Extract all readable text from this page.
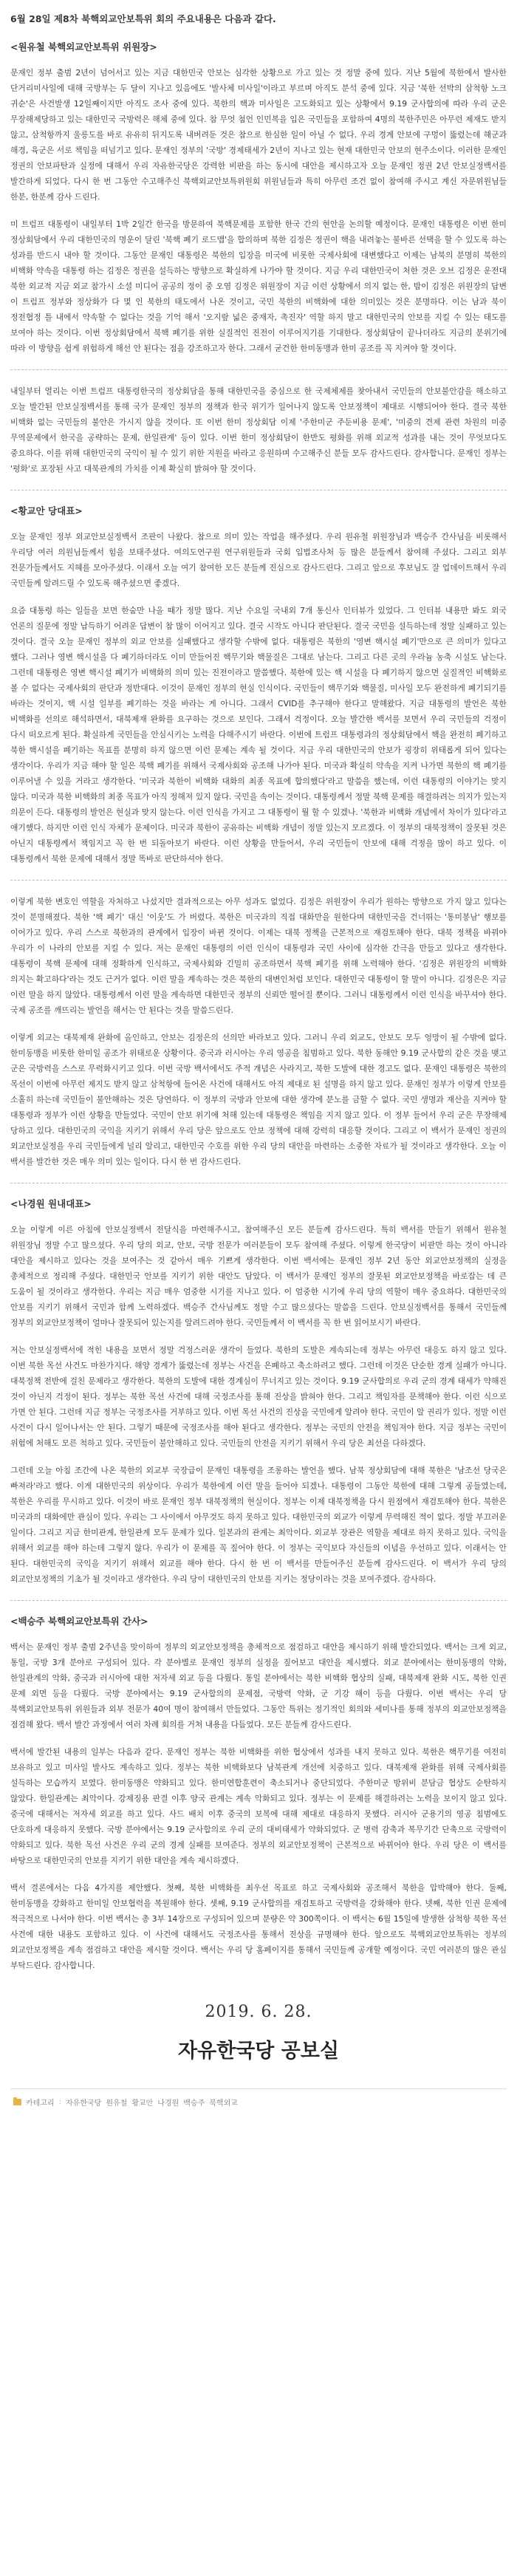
6월 28일 제8차 북핵외교안보특위 회의 주요내용은 다음과 같다.
<원유철 북핵외교안보특위 위원장>

문재인 정부 출범 2년이 넘어서고 있는 지금 대한민국 안보는 심각한 상황으로 가고 있는 것 정말 중에 있다. 지난 5월에 북한에서 발사한 단거리미사일에 대해 국방부는 두 달이 지나고 있음에도 '발사체 미사일'이라고 부르며 아직도 분석 중에 있다. 지금 '북한 선박의 삼척항 노크 귀순'은 사건발생 12일째이지만 아직도 조사 중에 있다. 북한의 핵과 미사일은 고도화되고 있는 상황에서 9.19 군사합의에 따라 우리 군은 무장해제당하고 있는 대한민국 국방력은 해체 중에 있다. 참 무엇 첨언 인민복을 입은 국민들을 포함하여 4명의 북한주민은 아무런 제재도 받지 않고, 삼척항까지 울릉도를 바로 유유히 뒤지도록 내버려둔 것은 참으로 한심한 일이 아닐 수 없다. 우리 경계 안보에 구멍이 뚫렸는데 해군과 해경, 육군은 서로 책임을 떠넘기고 있다. 문재인 정부의 '국방' 경제태세가 2년이 지나고 있는 현재 대한민국 안보의 현주소이다. 이러한 문재인 정권의 안보파탄과 실정에 대해서 우리 자유한국당은 강력한 비판을 하는 동시에 대안을 제시하고자 오늘 문재인 정권 2년 안보실정백서를 발간하게 되었다. 다시 한 번 그동안 수고해주신 북핵외교안보특위원회 위원님들과 특히 아무런 조건 없이 참여해 주시고 계신 자문위원님들 한분, 한분께 감사 드린다.

미 트럼프 대통령이 내일부터 1박 2일간 한국을 방문하여 북핵문제를 포함한 한국 간의 현안을 논의할 예정이다. 문재인 대통령은 이번 한미 정상회담에서 우리 대한민국의 명운이 달린 '북핵 폐기 로드맵'을 합의하며 북한 김정은 정권이 핵을 내려놓는 불바른 선택을 할 수 있도록 하는 성과를 반드시 내야 할 것이다. 그동안 문재인 대통령은 북한의 입장을 미국에 비롯한 국제사회에 대변했다고 이제는 남북의 분명히 북한의 비핵화 약속을 대통령 하는 김정은 정권을 설득하는 방향으로 확실하게 나가야 할 것이다. 지금 우리 대한민국이 처한 것은 오브 김정은 운전대 북한 외교적 지금 외교 참가시 소셜 미디어 공공의 정이 중 오염 김정은 위원장이 지금 이런 상황에서 의지 없는 한, 밤이 김정은 위원장의 답변 이 트럼프 정부와 정상화가 다 몇 인 북한의 태도에서 나온 것이고, 국민 북한의 비핵화에 대한 의미있는 것은 분명하다. 이는 남과 북이 정전협정 틀 내에서 약속할 수 없다는 것을 기억 해서 '오지랖 넓은 중재자, 촉진자' 역할 하지 말고 대한민국의 안보를 지킬 수 있는 태도를 보여야 하는 것이다. 이번 정상회담에서 북핵 폐기를 위한 실질적인 진전이 이루어지기를 기대한다. 정상회담이 끝나더라도 지금의 분위기에 따라 이 방향을 쉽게 위험하게 해선 안 된다는 점을 강조하고자 한다. 그래서 굳건한 한미동맹과 한미 공조를 꼭 지켜야 할 것이다.

내일부터 열리는 이번 트럼프 대통령한국의 정상회담을 통해 대한민국을 중심으로 한 국제체제를 찾아내서 국민들의 안보불안감을 해소하고 오늘 발간된 안보실정백서를 통해 국가 문재인 정부의 정책과 한국 위기가 일어나지 않도록 안보정책이 제대로 시행되어야 한다. 결국 북한 비핵화 없는 국민들의 불안은 가시지 않을 것이다. 또 이번 한미 정상회담 이제 '주한미군 주둔비용 문제', '미중의 견제 관련 차원의 미중 무역문제에서 한국을 공략하는 문제, 한일관계' 등이 있다. 이번 한미 정상회담이 한반도 평화를 위해 외교적 성과를 내는 것이 무엇보다도 중요하다. 이를 위해 대한민국의 국익이 될 수 있기 위한 지원을 바라고 응원하며 수고해주신 분들 모두 감사드린다. 감사합니다. 문재인 정부는 '평화'로 포장된 사고 대북관계의 가치를 이제 확실히 밝혀야 할 것이다.

<황교안 당대표>

오늘 문재인 정부 외교안보실정백서 조판이 나왔다. 참으로 의미 있는 작업을 해주셨다. 우리 원유철 위원장님과 백승주 간사님을 비롯해서 우리당 여러 의원님들께서 힘을 보태주셨다. 여의도연구원 연구위원들과 국회 입법조사처 등 많은 분들께서 참여해 주셨다. 그리고 외부 전문가들께서도 지혜를 모아주셨다. 이래서 오늘 여기 참여한 모든 분들께 진심으로 감사드린다. 그리고 앞으로 후보님도 잘 업데이트해서 우리 국민들께 알려드릴 수 있도록 해주셨으면 좋겠다.

요즘 대통령 하는 일들을 보면 한숨만 나올 때가 정말 많다. 지난 수요일 국내외 7개 통신사 인터뷰가 있었다. 그 인터뷰 내용만 봐도 외국 언론의 질문에 정말 납득하기 어려운 답변이 참 많이 이어지고 있다. 결국 시작도 아니다 판단된다. 결국 국민을 설득하는데 정말 실패하고 있는 것이다. 결국 오늘 문재인 정부의 외교 안보를 실패했다고 생각할 수밖에 없다. 대통령은 북한의 '영변 핵시설 폐기'만으로 큰 의미가 있다고 했다. 그러나 영변 핵시설을 다 폐기하더라도 이미 만들어진 핵무기와 핵물질은 그대로 남는다. 그리고 다른 곳의 우라늄 농축 시설도 남는다. 그런데 대통령은 영변 핵시설 폐기가 비핵화의 의미 있는 진전이라고 말씀했다. 북한에 있는 핵 시설을 다 폐기하지 않으면 실질적인 비핵화로 볼 수 없다는 국제사회의 판단과 정반대다. 이것이 문재인 정부의 현실 인식이다. 국민들이 핵무기와 핵물질, 미사일 모두 완전하게 폐기되기를 바라는 것이지, 핵 시설 일부를 폐기하는 것을 바라는 게 아니다. 그래서 CVID를 추구해야 한다고 말해왔다. 지금 대통령의 발언은 북한 비핵화를 선의로 해석하면서, 대북제재 완화를 요구하는 것으로 보인다. 그래서 걱정이다. 오늘 발간한 백서를 보면서 우리 국민들의 걱정이 다시 떠오르게 된다. 확실하게 국민들을 안심시키는 노력을 다해주시기 바란다. 이번에 트럼프 대통령과의 정상회담에서 핵을 완전히 폐기하고 북한 핵시설을 폐기하는 목표를 분명히 하지 않으면 이런 문제는 계속 될 것이다. 지금 우리 대한민국의 안보가 굉장히 위태롭게 되어 있다는 생각이다. 우리가 지금 해야 할 일은 북핵 폐기를 위해서 국제사회와 공조해 나가야 된다. 미국과 확실히 약속을 지켜 나가면 북한의 핵 폐기를 이루어낼 수 있을 거라고 생각한다. '미국과 북한이 비핵화 대화의 최종 목표에 합의했다'라고 말씀을 했는데, 이런 대통령의 이야기는 맞지 않다. 미국과 북한 비핵화의 최종 목표가 아직 정해져 있지 않다. 국민을 속이는 것이다. 대통령께서 정말 북핵 문제를 해결하려는 의지가 있는지 의문이 든다. 대통령의 발언은 현실과 맞지 않는다. 이런 인식을 가지고 그 대통령이 뭘 할 수 있겠나. '북한과 비핵화 개념에서 차이가 있다'라고 얘기했다. 하지만 이런 인식 자체가 문제이다. 미국과 북한이 공유하는 비핵화 개념이 정말 있는지 모르겠다. 이 정부의 대북정책이 잘못된 것은 아닌지 대통령께서 책임지고 꼭 한 번 되돌아보기 바란다. 이런 상황을 만들어서, 우리 국민들이 안보에 대해 걱정을 많이 하고 있다. 이 대통령께서 북한 문제에 대해서 정말 똑바로 판단하셔야 한다.

이렇게 북한 변호인 역할을 자처하고 나섰지만 결과적으로는 아무 성과도 없었다. 김정은 위원장이 우리가 원하는 방향으로 가지 않고 있다는 것이 분명해졌다. 북한 '핵 폐기' 대신 '이웃'도 가 버렸다. 북한은 미국과의 직접 대화만을 원한다며 대한민국을 건너뛰는 '통미봉남' 행보를 이어가고 있다. 우리 스스로 북한과의 관계에서 입장이 바뀐 것이다. 이제는 대북 정책을 근본적으로 재검토해야 한다. 대북 정책을 바꿔야 우리가 이 나라의 안보를 지킬 수 있다. 저는 문재인 대통령의 이런 인식이 대통령과 국민 사이에 심각한 간극을 만들고 있다고 생각한다. 대통령이 북핵 문제에 대해 정확하게 인식하고, 국제사회와 긴밀히 공조하면서 북핵 폐기를 위해 노력해야 한다. '김정은 위원장의 비핵화 의지는 확고하다'라는 것도 근거가 없다. 이런 말을 계속하는 것은 북한의 대변인처럼 보인다. 대한민국 대통령이 할 말이 아니다. 김정은은 지금 이런 말을 하지 않았다. 대통령께서 이런 말을 계속하면 대한민국 정부의 신뢰만 떨어질 뿐이다. 그러니 대통령께서 이런 인식을 바꾸셔야 한다. 국제 공조를 깨뜨리는 발언을 해서는 안 된다는 것을 말씀드린다.

이렇게 외교는 대북제재 완화에 올인하고, 안보는 김정은의 선의만 바라보고 있다. 그러니 우리 외교도, 안보도 모두 엉망이 될 수밖에 없다. 한미동맹을 비롯한 한미일 공조가 위태로운 상황이다. 중국과 러시아는 우리 영공을 침범하고 있다. 북한 동해안 9.19 군사합의 같은 것을 맺고 군은 국방력을 스스로 무력화시키고 있다. 이번 국방 백서에서도 주적 개념은 사라지고, 북한 도발에 대한 경고도 없다. 문재인 대통령은 북한의 목선이 이번에 아무런 제지도 받지 않고 삼척항에 들어온 사건에 대해서도 아직 제대로 된 설명을 하지 않고 있다. 문재인 정부가 이렇게 안보를 소홀히 하는데 국민들이 불안해하는 것은 당연하다. 이 정부의 국방과 안보에 대한 생각에 분노를 금할 수 없다. 국민 생명과 재산을 지켜야 할 대통령과 정부가 이런 상황을 만들었다. 국민이 안보 위기에 처해 있는데 대통령은 책임을 지지 않고 있다. 이 정부 들어서 우리 군은 무장해제 당하고 있다. 대한민국의 국익을 지키기 위해서 우리 당은 앞으로도 안보 정책에 대해 강력히 대응할 것이다. 그리고 이 백서가 문재인 정권의 외교안보실정을 우리 국민들에게 널리 알리고, 대한민국 수호를 위한 우리 당의 대안을 마련하는 소중한 자료가 될 것이라고 생각한다. 오늘 이 백서를 발간한 것은 매우 의미 있는 일이다. 다시 한 번 감사드린다.

<나경원 원내대표>

오늘 이렇게 이른 아침에 안보실정백서 전달식을 마련해주시고, 참여해주신 모든 분들께 감사드린다. 특히 백서를 만들기 위해서 원유철 위원장님 정말 수고 많으셨다. 우리 당의 외교, 안보, 국방 전문가 여러분들이 모두 참여해 주셨다. 이렇게 한국당이 비판만 하는 것이 아니라 대안을 제시하고 있다는 것을 보여주는 것 같아서 매우 기쁘게 생각한다. 이번 백서에는 문재인 정부 2년 동안 외교안보정책의 실정을 총체적으로 정리해 주셨다. 대한민국 안보를 지키기 위한 대안도 담았다. 이 백서가 문재인 정부의 잘못된 외교안보정책을 바로잡는 데 큰 도움이 될 것이라고 생각한다. 우리는 지금 매우 엄중한 시기를 지나고 있다. 이 엄중한 시기에 우리 당의 역할이 매우 중요하다. 대한민국의 안보를 지키기 위해서 국민과 함께 노력하겠다. 백승주 간사님께도 정말 수고 많으셨다는 말씀을 드린다. 안보실정백서를 통해서 국민들께 정부의 외교안보정책이 얼마나 잘못되어 있는지를 알려드려야 한다. 국민들께서 이 백서를 꼭 한 번 읽어보시기 바란다.

저는 안보실정백서에 적힌 내용을 보면서 정말 걱정스러운 생각이 들었다. 북한의 도발은 계속되는데 정부는 아무런 대응도 하지 않고 있다. 이번 북한 목선 사건도 마찬가지다. 해양 경계가 뚫렸는데 정부는 사건을 은폐하고 축소하려고 했다. 그런데 이것은 단순한 경계 실패가 아니다. 대북정책 전반에 걸친 문제라고 생각한다. 북한의 도발에 대한 경계심이 무너지고 있는 것이다. 9.19 군사합의로 우리 군의 경계 태세가 약해진 것이 아닌지 걱정이 된다. 정부는 북한 목선 사건에 대해 국정조사를 통해 진상을 밝혀야 한다. 그리고 책임자를 문책해야 한다. 이런 식으로 가면 안 된다. 그런데 지금 정부는 국정조사를 거부하고 있다. 이번 목선 사건의 진상을 국민에게 알려야 한다. 국민이 알 권리가 있다. 정말 이런 사건이 다시 일어나서는 안 된다. 그렇기 때문에 국정조사를 해야 된다고 생각한다. 정부는 국민의 안전을 책임져야 한다. 지금 정부는 국민이 위험에 처해도 모른 척하고 있다. 국민들이 불안해하고 있다. 국민들의 안전을 지키기 위해서 우리 당은 최선을 다하겠다.

그런데 오늘 아침 조간에 나온 북한의 외교부 국장급이 문재인 대통령을 조롱하는 발언을 했다. 남북 정상회담에 대해 북한은 '남조선 당국은 빠져라'라고 했다. 이게 대한민국의 위상이다. 우리가 북한에게 이런 말을 들어야 되겠나. 대통령이 그동안 북한에 대해 그렇게 공들였는데, 북한은 우리를 무시하고 있다. 이것이 바로 문재인 정부 대북정책의 현실이다. 정부는 이제 대북정책을 다시 원점에서 재검토해야 한다. 북한은 미국과의 대화에만 관심이 있다. 우리는 그 사이에서 아무것도 하지 못하고 있다. 대한민국의 외교가 이렇게 무력해진 적이 없다. 정말 부끄러운 일이다. 그리고 지금 한미관계, 한일관계 모두 문제가 있다. 일본과의 관계는 최악이다. 외교부 장관은 역할을 제대로 하지 못하고 있다. 국익을 위해서 외교를 해야 하는데 그렇지 않다. 우리가 이 문제를 꼭 짚어야 한다. 이 정부는 국익보다 자신들의 이념을 우선하고 있다. 이래서는 안 된다. 대한민국의 국익을 지키기 위해서 외교를 해야 한다. 다시 한 번 이 백서를 만들어주신 분들께 감사드린다. 이 백서가 우리 당의 외교안보정책의 기초가 될 것이라고 생각한다. 우리 당이 대한민국의 안보를 지키는 정당이라는 것을 보여주겠다. 감사하다.

<백승주 북핵외교안보특위 간사>

백서는 문재인 정부 출범 2주년을 맞이하여 정부의 외교안보정책을 총체적으로 점검하고 대안을 제시하기 위해 발간되었다. 백서는 크게 외교, 통일, 국방 3개 분야로 구성되어 있다. 각 분야별로 문재인 정부의 실정을 짚어보고 대안을 제시했다. 외교 분야에서는 한미동맹의 약화, 한일관계의 악화, 중국과 러시아에 대한 저자세 외교 등을 다뤘다. 통일 분야에서는 북한 비핵화 협상의 실패, 대북제재 완화 시도, 북한 인권 문제 외면 등을 다뤘다. 국방 분야에서는 9.19 군사합의의 문제점, 국방력 약화, 군 기강 해이 등을 다뤘다. 이번 백서는 우리 당 북핵외교안보특위 위원들과 외부 전문가 40여 명이 참여해서 만들었다. 그동안 특위는 정기적인 회의와 세미나를 통해 정부의 외교안보정책을 점검해 왔다. 백서 발간 과정에서 여러 차례 회의를 거쳐 내용을 다듬었다. 모든 분들께 감사드린다.

백서에 발간된 내용의 일부는 다음과 같다. 문재인 정부는 북한 비핵화를 위한 협상에서 성과를 내지 못하고 있다. 북한은 핵무기를 여전히 보유하고 있고 미사일 발사도 계속하고 있다. 정부는 북한 비핵화보다 남북관계 개선에 치중하고 있다. 대북제재 완화를 위해 국제사회를 설득하는 모습까지 보였다. 한미동맹은 약화되고 있다. 한미연합훈련이 축소되거나 중단되었다. 주한미군 방위비 분담금 협상도 순탄하지 않았다. 한일관계는 최악이다. 강제징용 판결 이후 양국 관계는 계속 악화되고 있다. 정부는 이 문제를 해결하려는 노력을 보이지 않고 있다. 중국에 대해서는 저자세 외교를 하고 있다. 사드 배치 이후 중국의 보복에 대해 제대로 대응하지 못했다. 러시아 군용기의 영공 침범에도 단호하게 대응하지 못했다. 국방 분야에서는 9.19 군사합의로 우리 군의 대비태세가 약화되었다. 군 병력 감축과 복무기간 단축으로 국방력이 약화되고 있다. 북한 목선 사건은 우리 군의 경계 실패를 보여준다. 정부의 외교안보정책이 근본적으로 바뀌어야 한다. 우리 당은 이 백서를 바탕으로 대한민국의 안보를 지키기 위한 대안을 계속 제시하겠다.

백서 결론에서는 다음 4가지를 제안했다. 첫째, 북한 비핵화를 최우선 목표로 하고 국제사회와 공조해서 북한을 압박해야 한다. 둘째, 한미동맹을 강화하고 한미일 안보협력을 복원해야 한다. 셋째, 9.19 군사합의를 재검토하고 국방력을 강화해야 한다. 넷째, 북한 인권 문제에 적극적으로 나서야 한다. 이번 백서는 총 3부 14장으로 구성되어 있으며 분량은 약 300쪽이다. 이 백서는 6월 15일에 발생한 삼척항 북한 목선 사건에 대한 내용도 포함하고 있다. 이 사건에 대해서도 국정조사를 통해서 진상을 규명해야 한다. 앞으로도 북핵외교안보특위는 정부의 외교안보정책을 계속 점검하고 대안을 제시할 것이다. 백서는 우리 당 홈페이지를 통해서 국민들께 공개할 예정이다. 국민 여러분의 많은 관심 부탁드린다. 감사합니다.

2019. 6. 28.
자유한국당 공보실
카테고리 : 자유한국당 원유철 황교안 나경원 백승주 북핵외교
